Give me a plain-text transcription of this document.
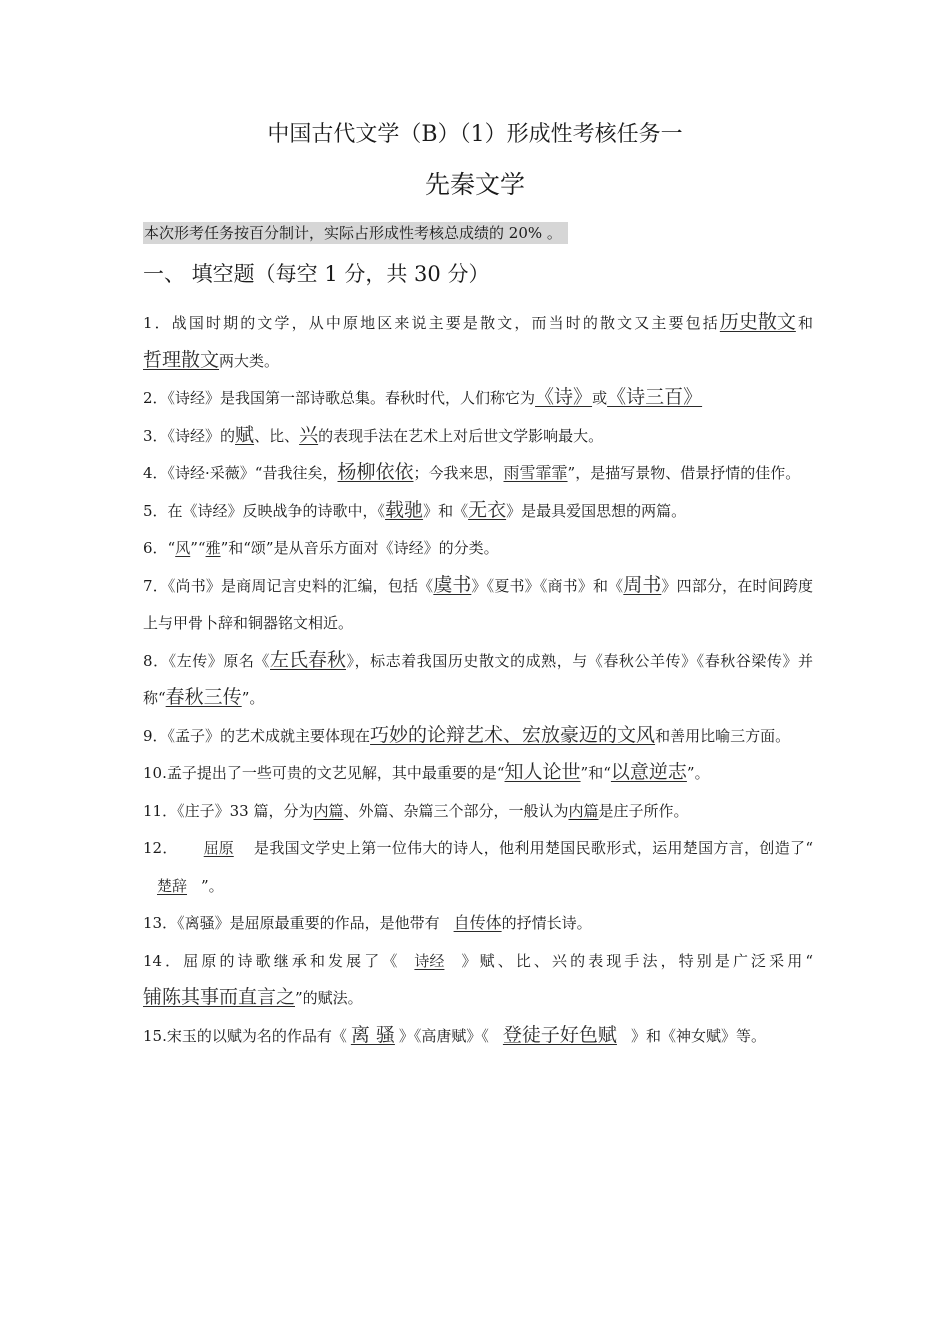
中国古代文学（B）（1）形成性考核任务一
先秦文学
本次形考任务按百分制计，实际占形成性考核总成绩的 20% 。
一、 填空题（每空 1 分，共 30 分）

1．战国时期的文学，从中原地区来说主要是散文，而当时的散文又主要包括历史散文和哲理散文两大类。

2．《诗经》是我国第一部诗歌总集。春秋时代，人们称它为《诗》或《诗三百》

3．《诗经》的赋、比、兴的表现手法在艺术上对后世文学影响最大。

4．《诗经·采薇》“昔我往矣，杨柳依依；今我来思，雨雪霏霏”，是描写景物、借景抒情的佳作。

5．在《诗经》反映战争的诗歌中，《载驰》和《无衣》是最具爱国思想的两篇。

6．“风”“雅”和“颂”是从音乐方面对《诗经》的分类。

7．《尚书》是商周记言史料的汇编，包括《虞书》《夏书》《商书》和《周书》四部分，在时间跨度上与甲骨卜辞和铜器铭文相近。

8．《左传》原名《左氏春秋》，标志着我国历史散文的成熟，与《春秋公羊传》《春秋谷梁传》并称“春秋三传”。

9．《孟子》的艺术成就主要体现在巧妙的论辩艺术、宏放豪迈的文风和善用比喻三方面。

10.孟子提出了一些可贵的文艺见解，其中最重要的是“知人论世”和“以意逆志”。

11．《庄子》33 篇，分为内篇、外篇、杂篇三个部分，一般认为内篇是庄子所作。

12． 屈原 是我国文学史上第一位伟大的诗人，他利用楚国民歌形式，运用楚国方言，创造了“楚辞 ”。

13．《离骚》是屈原最重要的作品，是他带有 自传体的抒情长诗。

14．屈原的诗歌继承和发展了《 诗经 》赋、比、兴的表现手法，特别是广泛采用“铺陈其事而直言之”的赋法。

15.宋玉的以赋为名的作品有《 离 骚 》《高唐赋》《 登徒子好色赋 》和《神女赋》等。
